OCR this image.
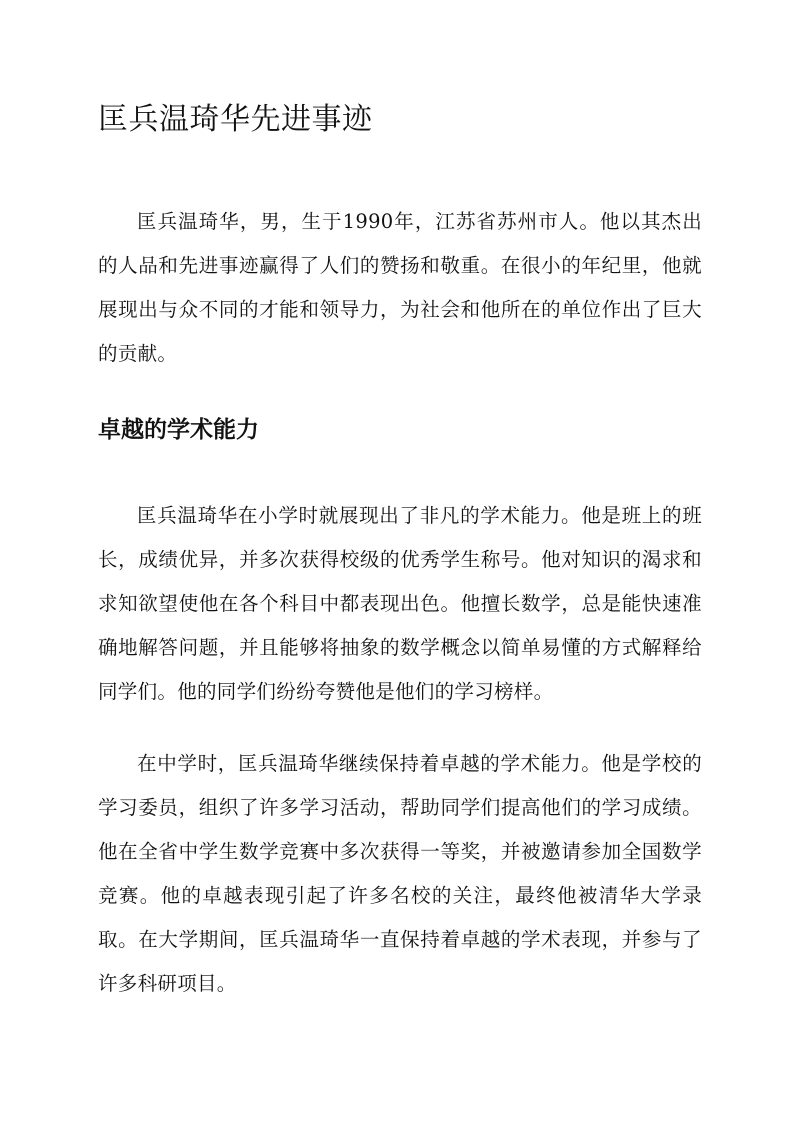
匡兵温琦华先进事迹

匡兵温琦华，男，生于1990年，江苏省苏州市人。他以其杰出的人品和先进事迹赢得了人们的赞扬和敬重。在很小的年纪里，他就展现出与众不同的才能和领导力，为社会和他所在的单位作出了巨大的贡献。

卓越的学术能力

匡兵温琦华在小学时就展现出了非凡的学术能力。他是班上的班长，成绩优异，并多次获得校级的优秀学生称号。他对知识的渴求和求知欲望使他在各个科目中都表现出色。他擅长数学，总是能快速准确地解答问题，并且能够将抽象的数学概念以简单易懂的方式解释给同学们。他的同学们纷纷夸赞他是他们的学习榜样。

在中学时，匡兵温琦华继续保持着卓越的学术能力。他是学校的学习委员，组织了许多学习活动，帮助同学们提高他们的学习成绩。他在全省中学生数学竞赛中多次获得一等奖，并被邀请参加全国数学竞赛。他的卓越表现引起了许多名校的关注，最终他被清华大学录取。在大学期间，匡兵温琦华一直保持着卓越的学术表现，并参与了许多科研项目。
